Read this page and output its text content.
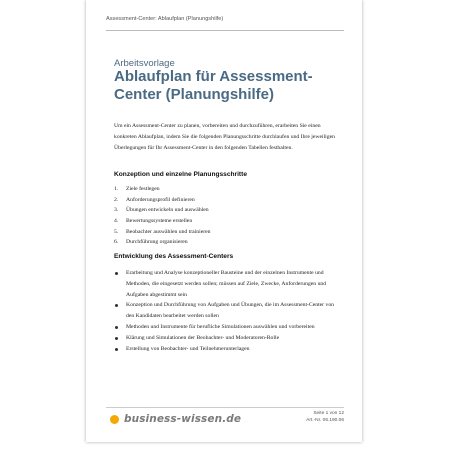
Assessment-Center: Ablaufplan (Planungshilfe)
Arbeitsvorlage
Ablaufplan für Assessment-Center (Planungshilfe)

Um ein Assessment-Center zu planen, vorbereiten und durchzuführen, erarbeiten Sie einen konkreten Ablaufplan, indem Sie die folgenden Planungsschritte durchlaufen und Ihre jeweiligen Überlegungen für Ihr Assessment-Center in den folgenden Tabellen festhalten.

Konzeption und einzelne Planungsschritte
1. Ziele festlegen
2. Anforderungsprofil definieren
3. Übungen entwickeln und auswählen
4. Bewertungssysteme erstellen
5. Beobachter auswählen und trainieren
6. Durchführung organisieren
Entwicklung des Assessment-Centers
Erarbeitung und Analyse konzeptioneller Bausteine und der einzelnen Instrumente und Methoden, die eingesetzt werden sollen; müssen auf Ziele, Zwecke, Anforderungen und Aufgaben abgestimmt sein
Konzeption und Durchführung von Aufgaben und Übungen, die im Assessment-Center von den Kandidaten bearbeitet werden sollen
Methoden und Instrumente für berufliche Simulationen auswählen und vorbereiten
Klärung und Simulationen der Beobachter- und Moderatoren-Rolle
Erstellung von Beobachter- und Teilnehmerunterlagen
business-wissen.de	Seite 1 von 12
Art.-Nr. 06.190.06
